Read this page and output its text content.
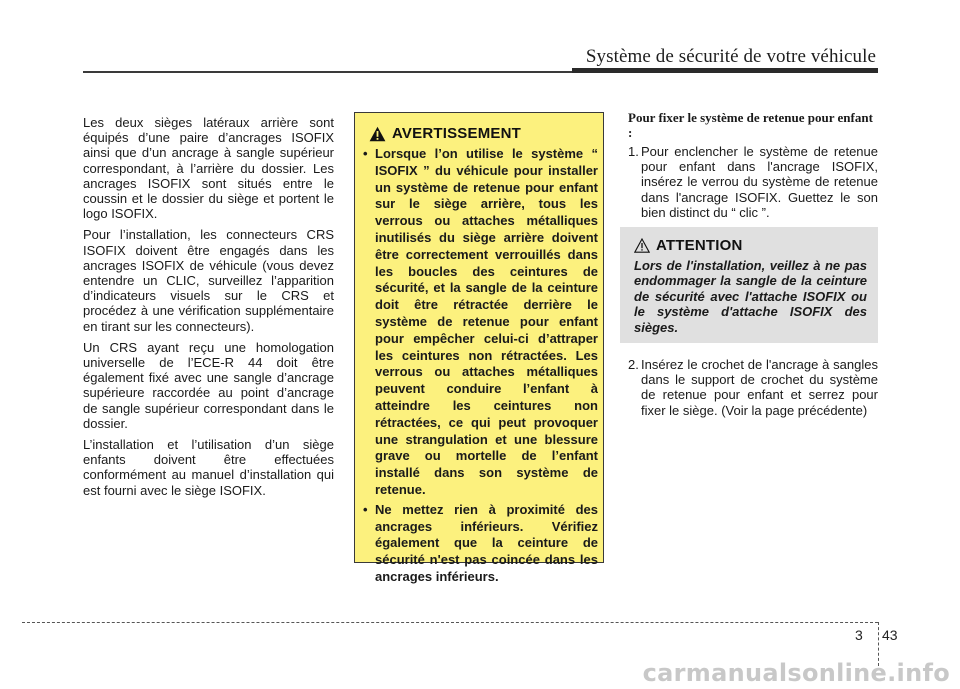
Système de sécurité de votre véhicule

Les deux sièges latéraux arrière sont équipés d’une paire d’ancrages ISOFIX ainsi que d’un ancrage à sangle supérieur correspondant, à l’arrière du dossier. Les ancrages ISOFIX sont situés entre le coussin et le dossier du siège et portent le logo ISOFIX.

Pour l’installation, les connecteurs CRS ISOFIX doivent être engagés dans les ancrages ISOFIX de véhicule (vous devez entendre un CLIC, surveillez l’apparition d’indicateurs visuels sur le CRS et procédez à une vérification supplémentaire en tirant sur les connecteurs).

Un CRS ayant reçu une homologation universelle de l’ECE-R 44 doit être également fixé avec une sangle d’ancrage supérieure raccordée au point d’ancrage de sangle supérieur correspondant dans le dossier.

L’installation et l’utilisation d’un siège enfants doivent être effectuées conformément au manuel d’installation qui est fourni avec le siège ISOFIX.

AVERTISSEMENT
• Lorsque l’on utilise le système “ ISOFIX ” du véhicule pour installer un système de retenue pour enfant sur le siège arrière, tous les verrous ou attaches métalliques inutilisés du siège arrière doivent être correctement verrouillés dans les boucles des ceintures de sécurité, et la sangle de la ceinture doit être rétractée derrière le système de retenue pour enfant pour empêcher celui-ci d’attraper les ceintures non rétractées. Les verrous ou attaches métalliques peuvent conduire l’enfant à atteindre les ceintures non rétractées, ce qui peut provoquer une strangulation et une blessure grave ou mortelle de l’enfant installé dans son système de retenue.
• Ne mettez rien à proximité des ancrages inférieurs. Vérifiez également que la ceinture de sécurité n'est pas coincée dans les ancrages inférieurs.
Pour fixer le système de retenue pour enfant :
1. Pour enclencher le système de retenue pour enfant dans l'ancrage ISOFIX, insérez le verrou du système de retenue dans l'ancrage ISOFIX. Guettez le son bien distinct du “ clic ”.
ATTENTION
Lors de l'installation, veillez à ne pas endommager la sangle de la ceinture de sécurité avec l'attache ISOFIX ou le système d'attache ISOFIX des sièges.
2. Insérez le crochet de l'ancrage à sangles dans le support de crochet du système de retenue pour enfant et serrez pour fixer le siège. (Voir la page précédente)
3 43
carmanualsonline.info
